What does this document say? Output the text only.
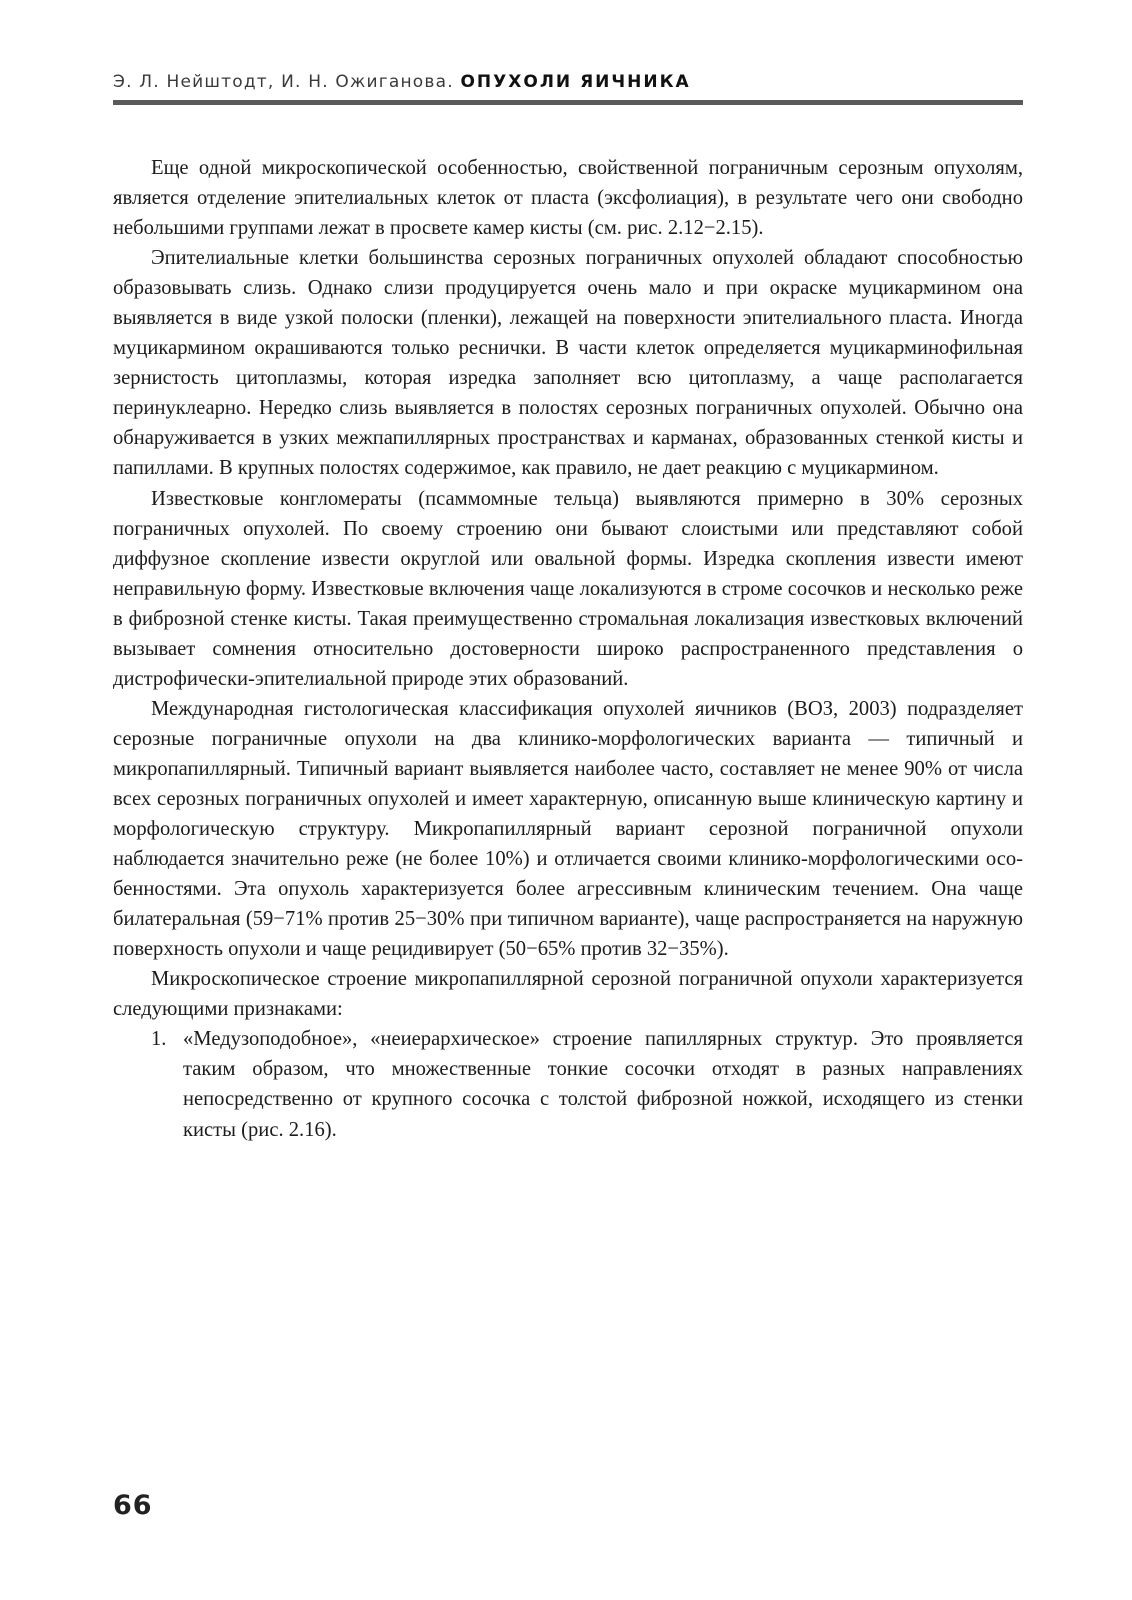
Э. Л. Нейштодт, И. Н. Ожиганова. ОПУХОЛИ ЯИЧНИКА

Еще одной микроскопической особенностью, свойственной пограничным серозным опухолям, является отделение эпителиальных клеток от пласта (эксфолиация), в результате чего они свободно небольшими группами лежат в просвете камер кисты (см. рис. 2.12−2.15).

Эпителиальные клетки большинства серозных пограничных опухолей обладают способностью образовывать слизь. Однако слизи продуцируется очень мало и при окраске муцикармином она выявляется в виде узкой полоски (пленки), лежащей на поверхности эпителиального пласта. Иногда муцикармином окрашиваются только реснички. В части клеток определяется муцикарминофильная зернистость цитоплазмы, которая изредка заполняет всю цитоплазму, а чаще располагается перинуклеарно. Нередко слизь выявляется в полостях серозных пограничных опухолей. Обычно она обнаруживается в узких межпапиллярных пространствах и карманах, образованных стенкой кисты и папиллами. В крупных полостях содержимое, как правило, не дает реакцию с муцикармином.

Известковые конгломераты (псаммомные тельца) выявляются примерно в 30% серозных пограничных опухолей. По своему строению они бывают слоистыми или представляют собой диффузное скопление извести округлой или овальной формы. Изредка скопления извести имеют неправильную форму. Известковые включения чаще локализуются в строме сосочков и несколько реже в фиброзной стенке кисты. Такая преимущественно стромальная локализация известковых включений вызывает сомнения относительно достоверности широко распространенного представления о дистрофически-эпителиальной природе этих образований.

Международная гистологическая классификация опухолей яичников (ВОЗ, 2003) подразделяет серозные пограничные опухоли на два клинико-морфологических варианта — типичный и микропапиллярный. Типичный вариант выявляется наиболее часто, составляет не менее 90% от числа всех серозных пограничных опухолей и имеет характерную, описанную выше клиническую картину и морфологическую структуру. Микропапиллярный вариант серозной пограничной опухоли наблюдается значительно реже (не более 10%) и отличается своими клинико-морфологическими особенностями. Эта опухоль характеризуется более агрессивным клиническим течением. Она чаще билатеральная (59−71% против 25−30% при типичном варианте), чаще распространяется на наружную поверхность опухоли и чаще рецидивирует (50−65% против 32−35%).

Микроскопическое строение микропапиллярной серозной пограничной опухоли характеризуется следующими признаками:

1. «Медузоподобное», «неиерархическое» строение папиллярных структур. Это проявляется таким образом, что множественные тонкие сосочки отходят в разных направлениях непосредственно от крупного сосочка с толстой фиброзной ножкой, исходящего из стенки кисты (рис. 2.16).
66
